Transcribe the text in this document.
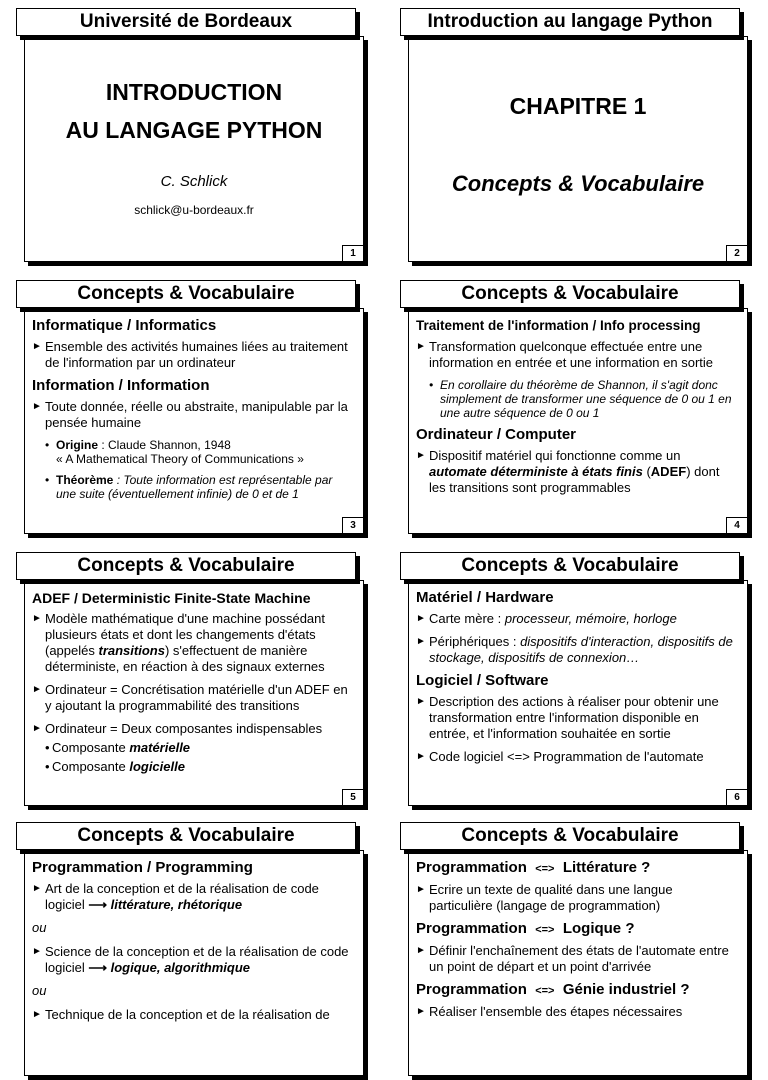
INTRODUCTION
AU LANGAGE PYTHON
C. Schlick
schlick@u-bordeaux.fr
Université de Bordeaux
1
CHAPITRE 1
Concepts & Vocabulaire
Introduction au langage Python
2
Informatique / Informatics
► Ensemble des activités humaines liées au traitement de l'information par un ordinateur
Information / Information
► Toute donnée, réelle ou abstraite, manipulable par la pensée humaine
• Origine : Claude Shannon, 1948
« A Mathematical Theory of Communications »
• Théorème : Toute information est représentable par une suite (éventuellement infinie) de 0 et de 1
Concepts & Vocabulaire
3
Traitement de l'information / Info processing
► Transformation quelconque effectuée entre une information en entrée et une information en sortie
• En corollaire du théorème de Shannon, il s'agit donc simplement de transformer une séquence de 0 ou 1 en une autre séquence de 0 ou 1
Ordinateur / Computer
► Dispositif matériel qui fonctionne comme un automate déterministe à états finis (ADEF) dont les transitions sont programmables
Concepts & Vocabulaire
4
ADEF / Deterministic Finite-State Machine
► Modèle mathématique d'une machine possédant plusieurs états et dont les changements d'états (appelés transitions) s'effectuent de manière déterministe, en réaction à des signaux externes
► Ordinateur = Concrétisation matérielle d'un ADEF en y ajoutant la programmabilité des transitions
► Ordinateur = Deux composantes indispensables
• Composante matérielle
• Composante logicielle
Concepts & Vocabulaire
5
Matériel / Hardware
► Carte mère : processeur, mémoire, horloge
► Périphériques : dispositifs d'interaction, dispositifs de stockage, dispositifs de connexion…
Logiciel / Software
► Description des actions à réaliser pour obtenir une transformation entre l'information disponible en entrée, et l'information souhaitée en sortie
► Code logiciel <=> Programmation de l'automate
Concepts & Vocabulaire
6
Programmation / Programming
► Art de la conception et de la réalisation de code logiciel ⟶ littérature, rhétorique
ou
► Science de la conception et de la réalisation de code logiciel ⟶ logique, algorithmique
ou
► Technique de la conception et de la réalisation de
Concepts & Vocabulaire
Programmation <=> Littérature ?
► Ecrire un texte de qualité dans une langue particulière (langage de programmation)
Programmation <=> Logique ?
► Définir l'enchaînement des états de l'automate entre un point de départ et un point d'arrivée
Programmation <=> Génie industriel ?
► Réaliser l'ensemble des étapes nécessaires
Concepts & Vocabulaire
